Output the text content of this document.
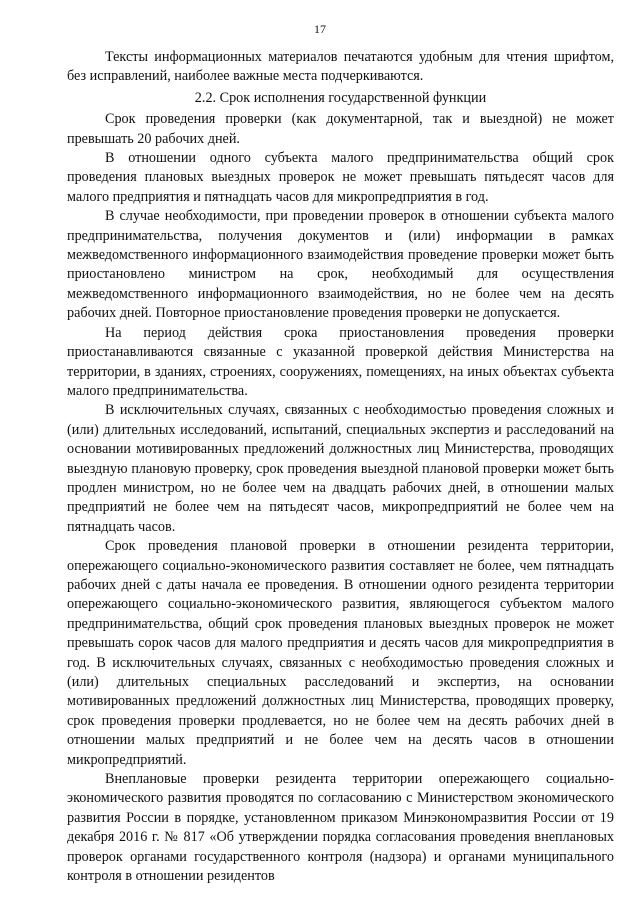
17

Тексты информационных материалов печатаются удобным для чтения шрифтом, без исправлений, наиболее важные места подчеркиваются.

2.2. Срок исполнения государственной функции

Срок проведения проверки (как документарной, так и выездной) не может превышать 20 рабочих дней.

В отношении одного субъекта малого предпринимательства общий срок проведения плановых выездных проверок не может превышать пятьдесят часов для малого предприятия и пятнадцать часов для микропредприятия в год.

В случае необходимости, при проведении проверок в отношении субъекта малого предпринимательства, получения документов и (или) информации в рамках межведомственного информационного взаимодействия проведение проверки может быть приостановлено министром на срок, необходимый для осуществления межведомственного информационного взаимодействия, но не более чем на десять рабочих дней. Повторное приостановление проведения проверки не допускается.

На период действия срока приостановления проведения проверки приостанавливаются связанные с указанной проверкой действия Министерства на территории, в зданиях, строениях, сооружениях, помещениях, на иных объектах субъекта малого предпринимательства.

В исключительных случаях, связанных с необходимостью проведения сложных и (или) длительных исследований, испытаний, специальных экспертиз и расследований на основании мотивированных предложений должностных лиц Министерства, проводящих выездную плановую проверку, срок проведения выездной плановой проверки может быть продлен министром, но не более чем на двадцать рабочих дней, в отношении малых предприятий не более чем на пятьдесят часов, микропредприятий не более чем на пятнадцать часов.

Срок проведения плановой проверки в отношении резидента территории, опережающего социально-экономического развития составляет не более, чем пятнадцать рабочих дней с даты начала ее проведения. В отношении одного резидента территории опережающего социально-экономического развития, являющегося субъектом малого предпринимательства, общий срок проведения плановых выездных проверок не может превышать сорок часов для малого предприятия и десять часов для микропредприятия в год. В исключительных случаях, связанных с необходимостью проведения сложных и (или) длительных специальных расследований и экспертиз, на основании мотивированных предложений должностных лиц Министерства, проводящих проверку, срок проведения проверки продлевается, но не более чем на десять рабочих дней в отношении малых предприятий и не более чем на десять часов в отношении микропредприятий.

Внеплановые проверки резидента территории опережающего социально-экономического развития проводятся по согласованию с Министерством экономического развития России в порядке, установленном приказом Минэкономразвития России от 19 декабря 2016 г. № 817 «Об утверждении порядка согласования проведения внеплановых проверок органами государственного контроля (надзора) и органами муниципального контроля в отношении резидентов
